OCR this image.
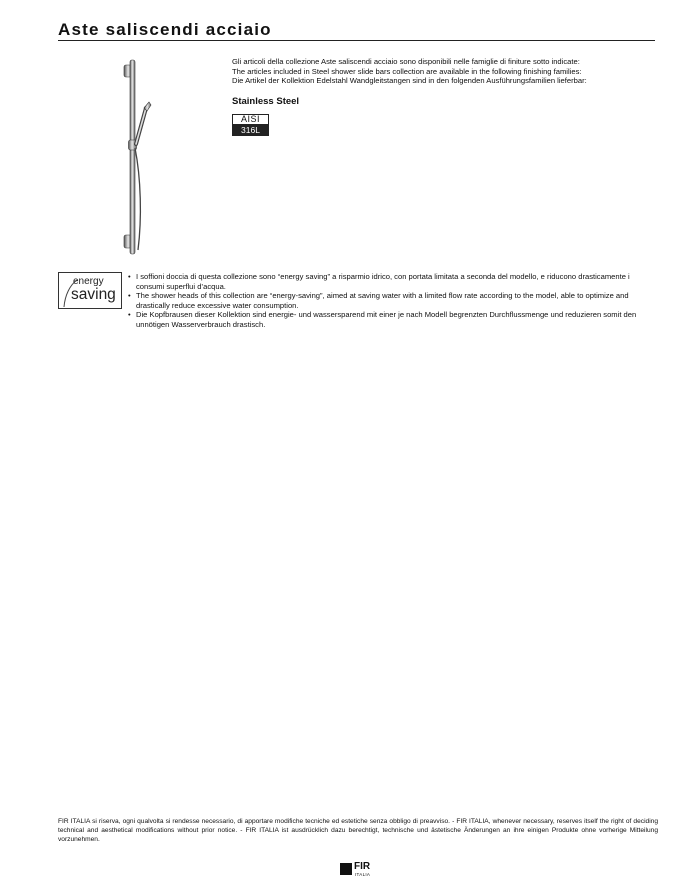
Aste saliscendi acciaio

Gli articoli della collezione Aste saliscendi acciaio sono disponibili nelle famiglie di finiture sotto indicate:

The articles included in Steel shower slide bars collection are available in the following finishing families:

Die Artikel der Kollektion Edelstahl Wandgleitstangen sind in den folgenden Ausführungsfamilien lieferbar:

Stainless Steel
AISI
316L
energy
saving
• I soffioni doccia di questa collezione sono “energy saving” a risparmio idrico, con portata limitata a seconda del modello, e riducono drasticamente i consumi superflui d’acqua.
• The shower heads of this collection are “energy-saving”, aimed at saving water with a limited flow rate according to the model, able to optimize and drastically reduce excessive water consumption.
• Die Kopfbrausen dieser Kollektion sind energie- und wassersparend mit einer je nach Modell begrenzten Durchflussmenge und reduzieren somit den unnötigen Wasserverbrauch drastisch.

FIR ITALIA si riserva, ogni qualvolta si rendesse necessario, di apportare modifiche tecniche ed estetiche senza obbligo di preavviso. - FIR ITALIA, whenever necessary, reserves itself the right of deciding technical and aesthetical modifications without prior notice. - FIR ITALIA ist ausdrücklich dazu berechtigt, technische und ästetische Änderungen an ihre einigen Produkte ohne vorherige Mitteilung vorzunehmen.

FIR
ITALIA
